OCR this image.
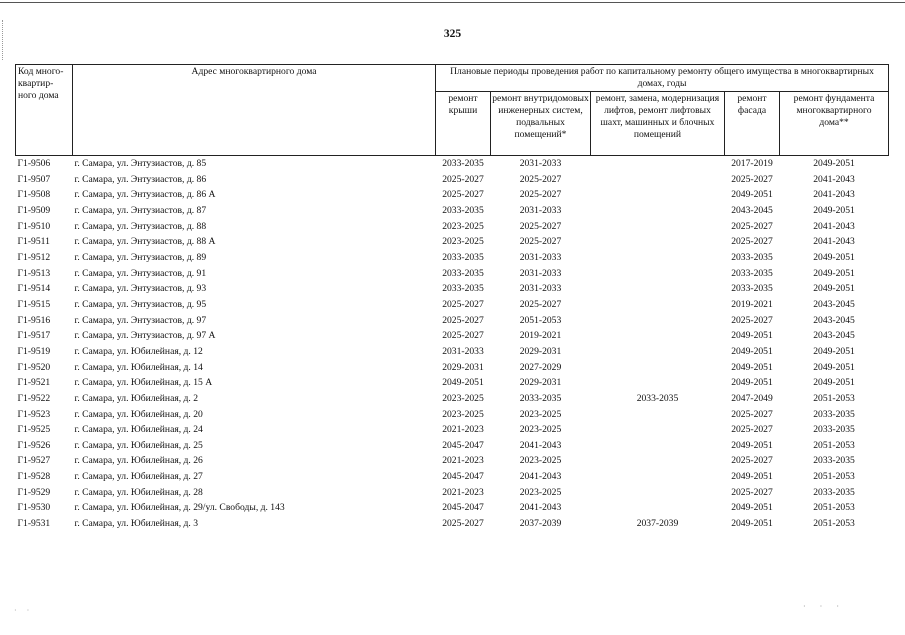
325
Код много-квартир-ного дома	Адрес многоквартирного дома	Плановые периоды проведения работ по капитальному ремонту общего имущества в многоквартирных домах, годы				
		ремонт крыши	ремонт внутридомовых инженерных систем, подвальных помещений*	ремонт, замена, модернизация лифтов, ремонт лифтовых шахт, машинных и блочных помещений	ремонт фасада	ремонт фундамента многоквартирного дома**
Г1-9506	г. Самара, ул. Энтузиастов, д. 85	2033-2035	2031-2033		2017-2019	2049-2051
Г1-9507	г. Самара, ул. Энтузиастов, д. 86	2025-2027	2025-2027		2025-2027	2041-2043
Г1-9508	г. Самара, ул. Энтузиастов, д. 86 А	2025-2027	2025-2027		2049-2051	2041-2043
Г1-9509	г. Самара, ул. Энтузиастов, д. 87	2033-2035	2031-2033		2043-2045	2049-2051
Г1-9510	г. Самара, ул. Энтузиастов, д. 88	2023-2025	2025-2027		2025-2027	2041-2043
Г1-9511	г. Самара, ул. Энтузиастов, д. 88 А	2023-2025	2025-2027		2025-2027	2041-2043
Г1-9512	г. Самара, ул. Энтузиастов, д. 89	2033-2035	2031-2033		2033-2035	2049-2051
Г1-9513	г. Самара, ул. Энтузиастов, д. 91	2033-2035	2031-2033		2033-2035	2049-2051
Г1-9514	г. Самара, ул. Энтузиастов, д. 93	2033-2035	2031-2033		2033-2035	2049-2051
Г1-9515	г. Самара, ул. Энтузиастов, д. 95	2025-2027	2025-2027		2019-2021	2043-2045
Г1-9516	г. Самара, ул. Энтузиастов, д. 97	2025-2027	2051-2053		2025-2027	2043-2045
Г1-9517	г. Самара, ул. Энтузиастов, д. 97 А	2025-2027	2019-2021		2049-2051	2043-2045
Г1-9519	г. Самара, ул. Юбилейная, д. 12	2031-2033	2029-2031		2049-2051	2049-2051
Г1-9520	г. Самара, ул. Юбилейная, д. 14	2029-2031	2027-2029		2049-2051	2049-2051
Г1-9521	г. Самара, ул. Юбилейная, д. 15 А	2049-2051	2029-2031		2049-2051	2049-2051
Г1-9522	г. Самара, ул. Юбилейная, д. 2	2023-2025	2033-2035	2033-2035	2047-2049	2051-2053
Г1-9523	г. Самара, ул. Юбилейная, д. 20	2023-2025	2023-2025		2025-2027	2033-2035
Г1-9525	г. Самара, ул. Юбилейная, д. 24	2021-2023	2023-2025		2025-2027	2033-2035
Г1-9526	г. Самара, ул. Юбилейная, д. 25	2045-2047	2041-2043		2049-2051	2051-2053
Г1-9527	г. Самара, ул. Юбилейная, д. 26	2021-2023	2023-2025		2025-2027	2033-2035
Г1-9528	г. Самара, ул. Юбилейная, д. 27	2045-2047	2041-2043		2049-2051	2051-2053
Г1-9529	г. Самара, ул. Юбилейная, д. 28	2021-2023	2023-2025		2025-2027	2033-2035
Г1-9530	г. Самара, ул. Юбилейная, д. 29/ул. Свободы, д. 143	2045-2047	2041-2043		2049-2051	2051-2053
Г1-9531	г. Самара, ул. Юбилейная, д. 3	2025-2027	2037-2039	2037-2039	2049-2051	2051-2053
· · ·
· ·
